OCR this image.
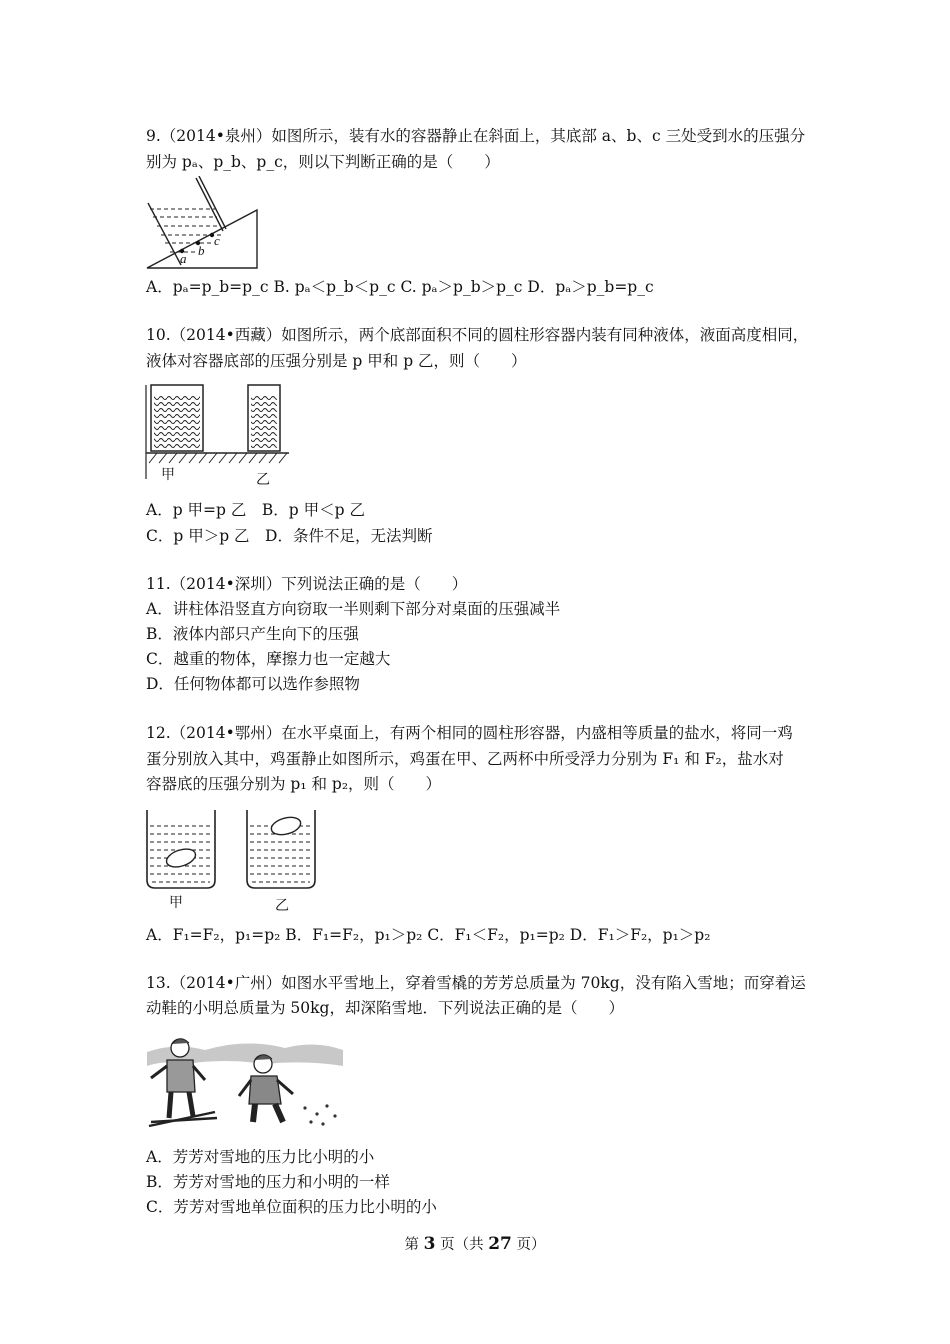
9.（2014•泉州）如图所示，装有水的容器静止在斜面上，其底部 a、b、c 三处受到水的压强分
别为 pₐ、p_b、p_c，则以下判断正确的是（　　）
a
b
c
A．pₐ=p_b=p_c B. pₐ＜p_b＜p_c C. pₐ＞p_b＞p_c D．pₐ＞p_b=p_c
10.（2014•西藏）如图所示，两个底部面积不同的圆柱形容器内装有同种液体，液面高度相同，
液体对容器底部的压强分别是 p 甲和 p 乙，则（　　）
甲	乙
A．p 甲=p 乙　B．p 甲＜p 乙
C．p 甲＞p 乙　D．条件不足，无法判断
11.（2014•深圳）下列说法正确的是（　　）
A．讲柱体沿竖直方向窃取一半则剩下部分对桌面的压强减半
B．液体内部只产生向下的压强
C．越重的物体，摩擦力也一定越大
D．任何物体都可以选作参照物
12.（2014•鄂州）在水平桌面上，有两个相同的圆柱形容器，内盛相等质量的盐水，将同一鸡
蛋分别放入其中，鸡蛋静止如图所示，鸡蛋在甲、乙两杯中所受浮力分别为 F₁ 和 F₂，盐水对
容器底的压强分别为 p₁ 和 p₂，则（　　）
甲	乙
A．F₁=F₂，p₁=p₂ B．F₁=F₂，p₁＞p₂ C．F₁＜F₂，p₁=p₂ D．F₁＞F₂，p₁＞p₂
13.（2014•广州）如图水平雪地上，穿着雪橇的芳芳总质量为 70kg，没有陷入雪地；而穿着运
动鞋的小明总质量为 50kg，却深陷雪地．下列说法正确的是（　　）
A．芳芳对雪地的压力比小明的小
B．芳芳对雪地的压力和小明的一样
C．芳芳对雪地单位面积的压力比小明的小
第 3 页（共 27 页）
